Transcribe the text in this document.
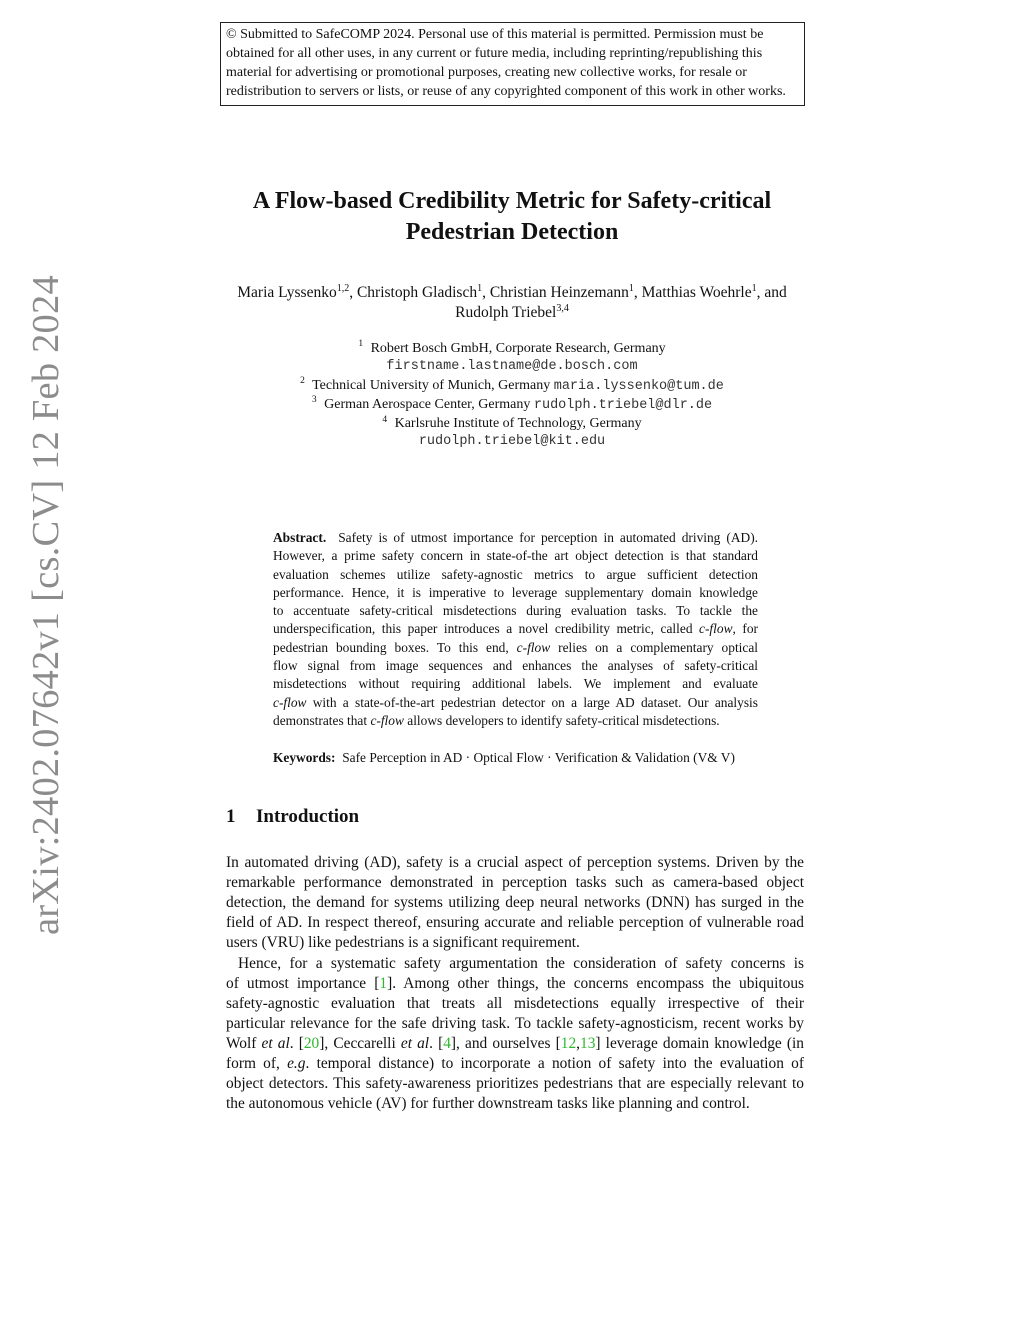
© Submitted to SafeCOMP 2024. Personal use of this material is permitted. Permission must be
obtained for all other uses, in any current or future media, including reprinting/republishing this
material for advertising or promotional purposes, creating new collective works, for resale or
redistribution to servers or lists, or reuse of any copyrighted component of this work in other works.
arXiv:2402.07642v1 [cs.CV] 12 Feb 2024
A Flow-based Credibility Metric for Safety-critical
Pedestrian Detection
Maria Lyssenko$^{1,2}$, Christoph Gladisch$^1$, Christian Heinzemann$^1$, Matthias Woehrle$^1$, and
Rudolph Triebel$^{3,4}$
$^1$ Robert Bosch GmbH, Corporate Research, Germany
firstname.lastname@de.bosch.com
$^2$ Technical University of Munich, Germany maria.lyssenko@tum.de
$^3$ German Aerospace Center, Germany rudolph.triebel@dlr.de
$^4$ Karlsruhe Institute of Technology, Germany
rudolph.triebel@kit.edu
Abstract. Safety is of utmost importance for perception in automated driving (AD).
However, a prime safety concern in state-of-the art object detection is that standard
evaluation schemes utilize safety-agnostic metrics to argue sufficient detection
performance. Hence, it is imperative to leverage supplementary domain knowledge
to accentuate safety-critical misdetections during evaluation tasks. To tackle the
underspecification, this paper introduces a novel credibility metric, called c-flow, for
pedestrian bounding boxes. To this end, c-flow relies on a complementary optical
flow signal from image sequences and enhances the analyses of safety-critical
misdetections without requiring additional labels. We implement and evaluate
c-flow with a state-of-the-art pedestrian detector on a large AD dataset. Our analysis
demonstrates that c-flow allows developers to identify safety-critical misdetections.
Keywords: Safe Perception in AD · Optical Flow · Verification & Validation (V& V)
1 Introduction
In automated driving (AD), safety is a crucial aspect of perception systems. Driven by the
remarkable performance demonstrated in perception tasks such as camera-based object
detection, the demand for systems utilizing deep neural networks (DNN) has surged in the
field of AD. In respect thereof, ensuring accurate and reliable perception of vulnerable road
users (VRU) like pedestrians is a significant requirement.
Hence, for a systematic safety argumentation the consideration of safety concerns is
of utmost importance [1]. Among other things, the concerns encompass the ubiquitous
safety-agnostic evaluation that treats all misdetections equally irrespective of their
particular relevance for the safe driving task. To tackle safety-agnosticism, recent works by
Wolf et al. [20], Ceccarelli et al. [4], and ourselves [12,13] leverage domain knowledge (in
form of, e.g. temporal distance) to incorporate a notion of safety into the evaluation of
object detectors. This safety-awareness prioritizes pedestrians that are especially relevant to
the autonomous vehicle (AV) for further downstream tasks like planning and control.
